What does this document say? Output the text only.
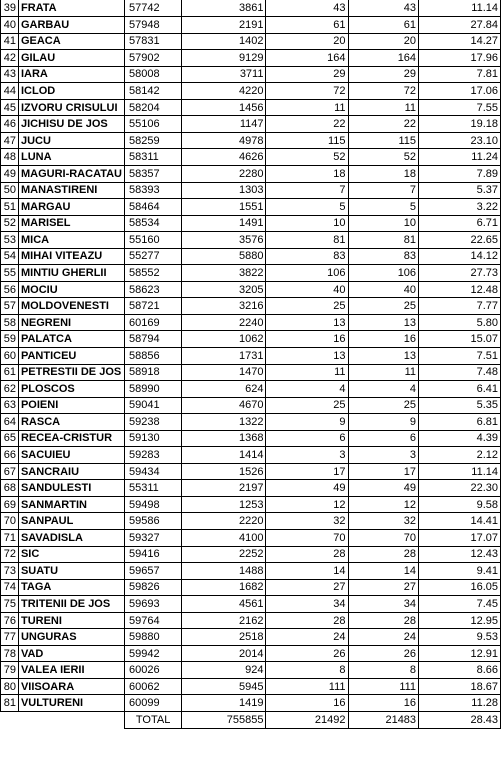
39	FRATA	57742	3861	43	43	11.14
40	GARBAU	57948	2191	61	61	27.84
41	GEACA	57831	1402	20	20	14.27
42	GILAU	57902	9129	164	164	17.96
43	IARA	58008	3711	29	29	7.81
44	ICLOD	58142	4220	72	72	17.06
45	IZVORU CRISULUI	58204	1456	11	11	7.55
46	JICHISU DE JOS	55106	1147	22	22	19.18
47	JUCU	58259	4978	115	115	23.10
48	LUNA	58311	4626	52	52	11.24
49	MAGURI-RACATAU	58357	2280	18	18	7.89
50	MANASTIRENI	58393	1303	7	7	5.37
51	MARGAU	58464	1551	5	5	3.22
52	MARISEL	58534	1491	10	10	6.71
53	MICA	55160	3576	81	81	22.65
54	MIHAI VITEAZU	55277	5880	83	83	14.12
55	MINTIU GHERLII	58552	3822	106	106	27.73
56	MOCIU	58623	3205	40	40	12.48
57	MOLDOVENESTI	58721	3216	25	25	7.77
58	NEGRENI	60169	2240	13	13	5.80
59	PALATCA	58794	1062	16	16	15.07
60	PANTICEU	58856	1731	13	13	7.51
61	PETRESTII DE JOS	58918	1470	11	11	7.48
62	PLOSCOS	58990	624	4	4	6.41
63	POIENI	59041	4670	25	25	5.35
64	RASCA	59238	1322	9	9	6.81
65	RECEA-CRISTUR	59130	1368	6	6	4.39
66	SACUIEU	59283	1414	3	3	2.12
67	SANCRAIU	59434	1526	17	17	11.14
68	SANDULESTI	55311	2197	49	49	22.30
69	SANMARTIN	59498	1253	12	12	9.58
70	SANPAUL	59586	2220	32	32	14.41
71	SAVADISLA	59327	4100	70	70	17.07
72	SIC	59416	2252	28	28	12.43
73	SUATU	59657	1488	14	14	9.41
74	TAGA	59826	1682	27	27	16.05
75	TRITENII DE JOS	59693	4561	34	34	7.45
76	TURENI	59764	2162	28	28	12.95
77	UNGURAS	59880	2518	24	24	9.53
78	VAD	59942	2014	26	26	12.91
79	VALEA IERII	60026	924	8	8	8.66
80	VIISOARA	60062	5945	111	111	18.67
81	VULTURENI	60099	1419	16	16	11.28
		TOTAL	755855	21492	21483	28.43
